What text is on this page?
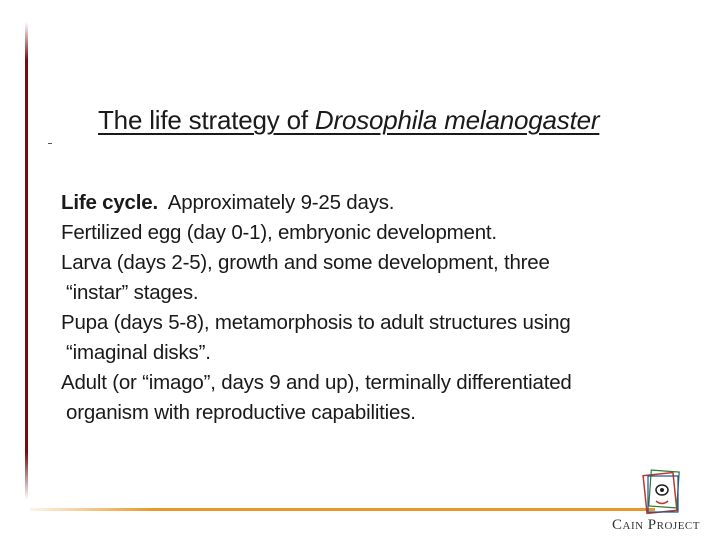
The life strategy of Drosophila melanogaster
Life cycle.  Approximately 9-25 days.
Fertilized egg (day 0-1), embryonic development.
Larva (days 2-5), growth and some development, three
“instar” stages.
Pupa (days 5-8), metamorphosis to adult structures using
“imaginal disks”.
Adult (or “imago”, days 9 and up), terminally differentiated
organism with reproductive capabilities.
Cain Project
